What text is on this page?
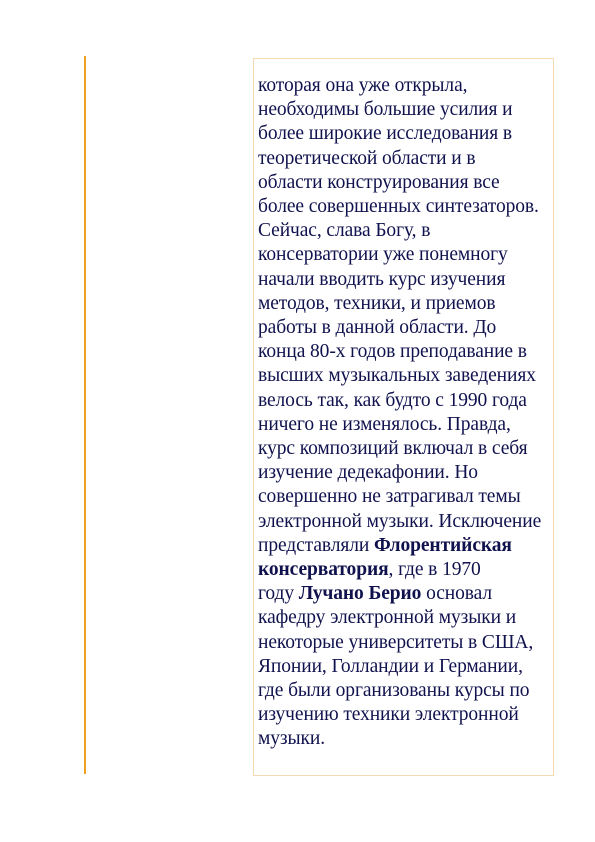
которая она уже открыла,
необходимы большие усилия и
более широкие исследования в
теоретической области и в
области конструирования все
более совершенных синтезаторов.
Сейчас, слава Богу, в
консерватории уже понемногу
начали вводить курс изучения
методов, техники, и приемов
работы в данной области. До
конца 80-х годов преподавание в
высших музыкальных заведениях
велось так, как будто с 1990 года
ничего не изменялось. Правда,
курс композиций включал в себя
изучение дедекафонии. Но
совершенно не затрагивал темы
электронной музыки. Исключение
представляли Флорентийская
консерватория, где в 1970
году Лучано Берио основал
кафедру электронной музыки и
некоторые университеты в США,
Японии, Голландии и Германии,
где были организованы курсы по
изучению техники электронной
музыки.
